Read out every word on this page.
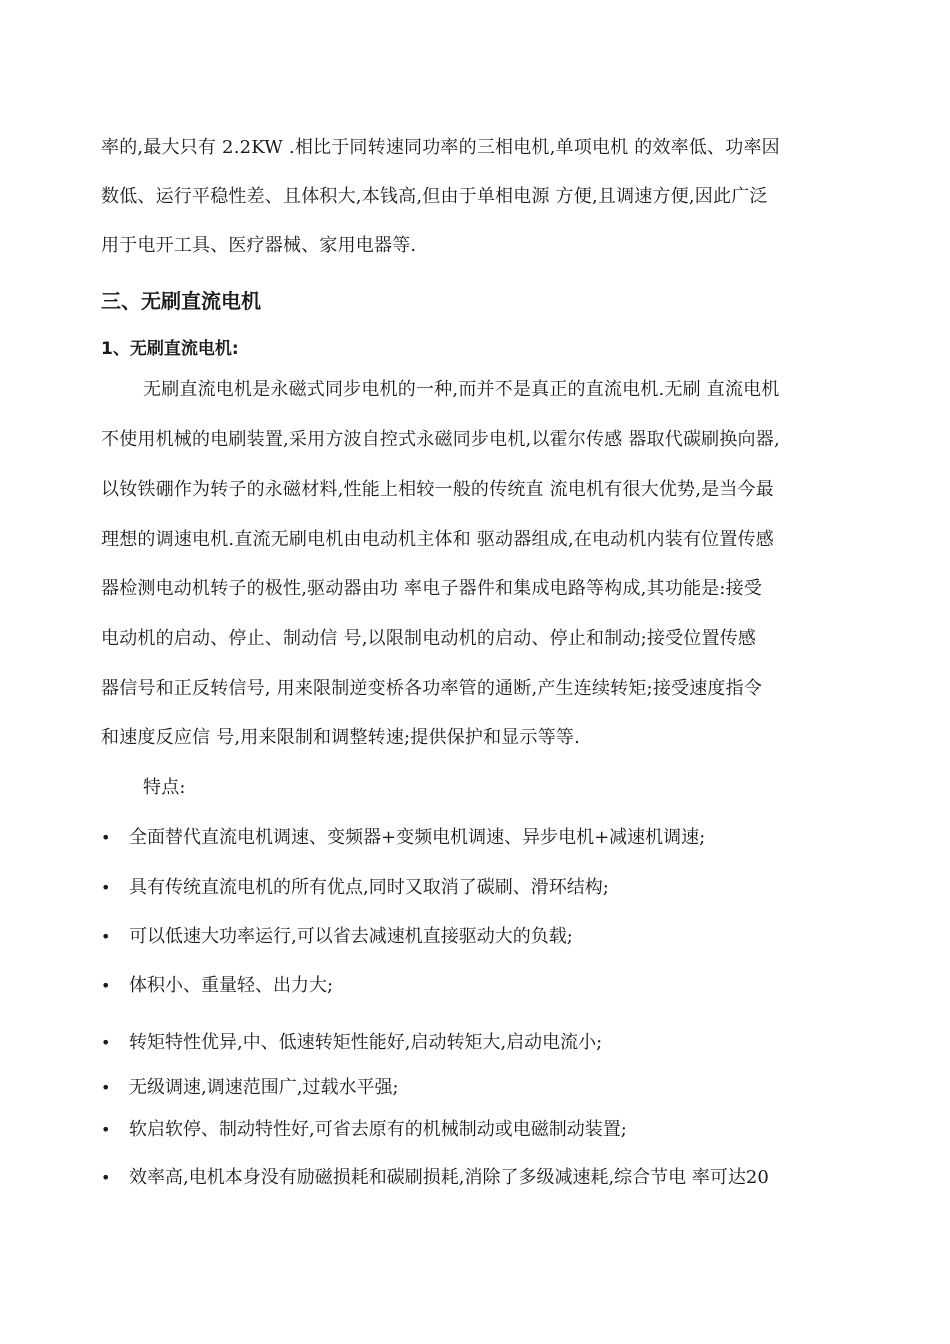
率的,最大只有 2.2KW .相比于同转速同功率的三相电机,单项电机 的效率低、功率因
数低、运行平稳性差、且体积大,本钱高,但由于单相电源 方便,且调速方便,因此广泛
用于电开工具、医疗器械、家用电器等.
三、无刷直流电机
1、无刷直流电机:
无刷直流电机是永磁式同步电机的一种,而并不是真正的直流电机.无刷 直流电机
不使用机械的电刷装置,采用方波自控式永磁同步电机,以霍尔传感 器取代碳刷换向器,
以钕铁硼作为转子的永磁材料,性能上相较一般的传统直 流电机有很大优势,是当今最
理想的调速电机.直流无刷电机由电动机主体和 驱动器组成,在电动机内装有位置传感
器检测电动机转子的极性,驱动器由功 率电子器件和集成电路等构成,其功能是:接受
电动机的启动、停止、制动信 号,以限制电动机的启动、停止和制动;接受位置传感
器信号和正反转信号, 用来限制逆变桥各功率管的通断,产生连续转矩;接受速度指令
和速度反应信 号,用来限制和调整转速;提供保护和显示等等.
特点:
• 全面替代直流电机调速、变频器+变频电机调速、异步电机+减速机调速;
• 具有传统直流电机的所有优点,同时又取消了碳刷、滑环结构;
• 可以低速大功率运行,可以省去减速机直接驱动大的负载;
• 体积小、重量轻、出力大;
• 转矩特性优异,中、低速转矩性能好,启动转矩大,启动电流小;
• 无级调速,调速范围广,过载水平强;
• 软启软停、制动特性好,可省去原有的机械制动或电磁制动装置;
• 效率高,电机本身没有励磁损耗和碳刷损耗,消除了多级减速耗,综合节电 率可达20
